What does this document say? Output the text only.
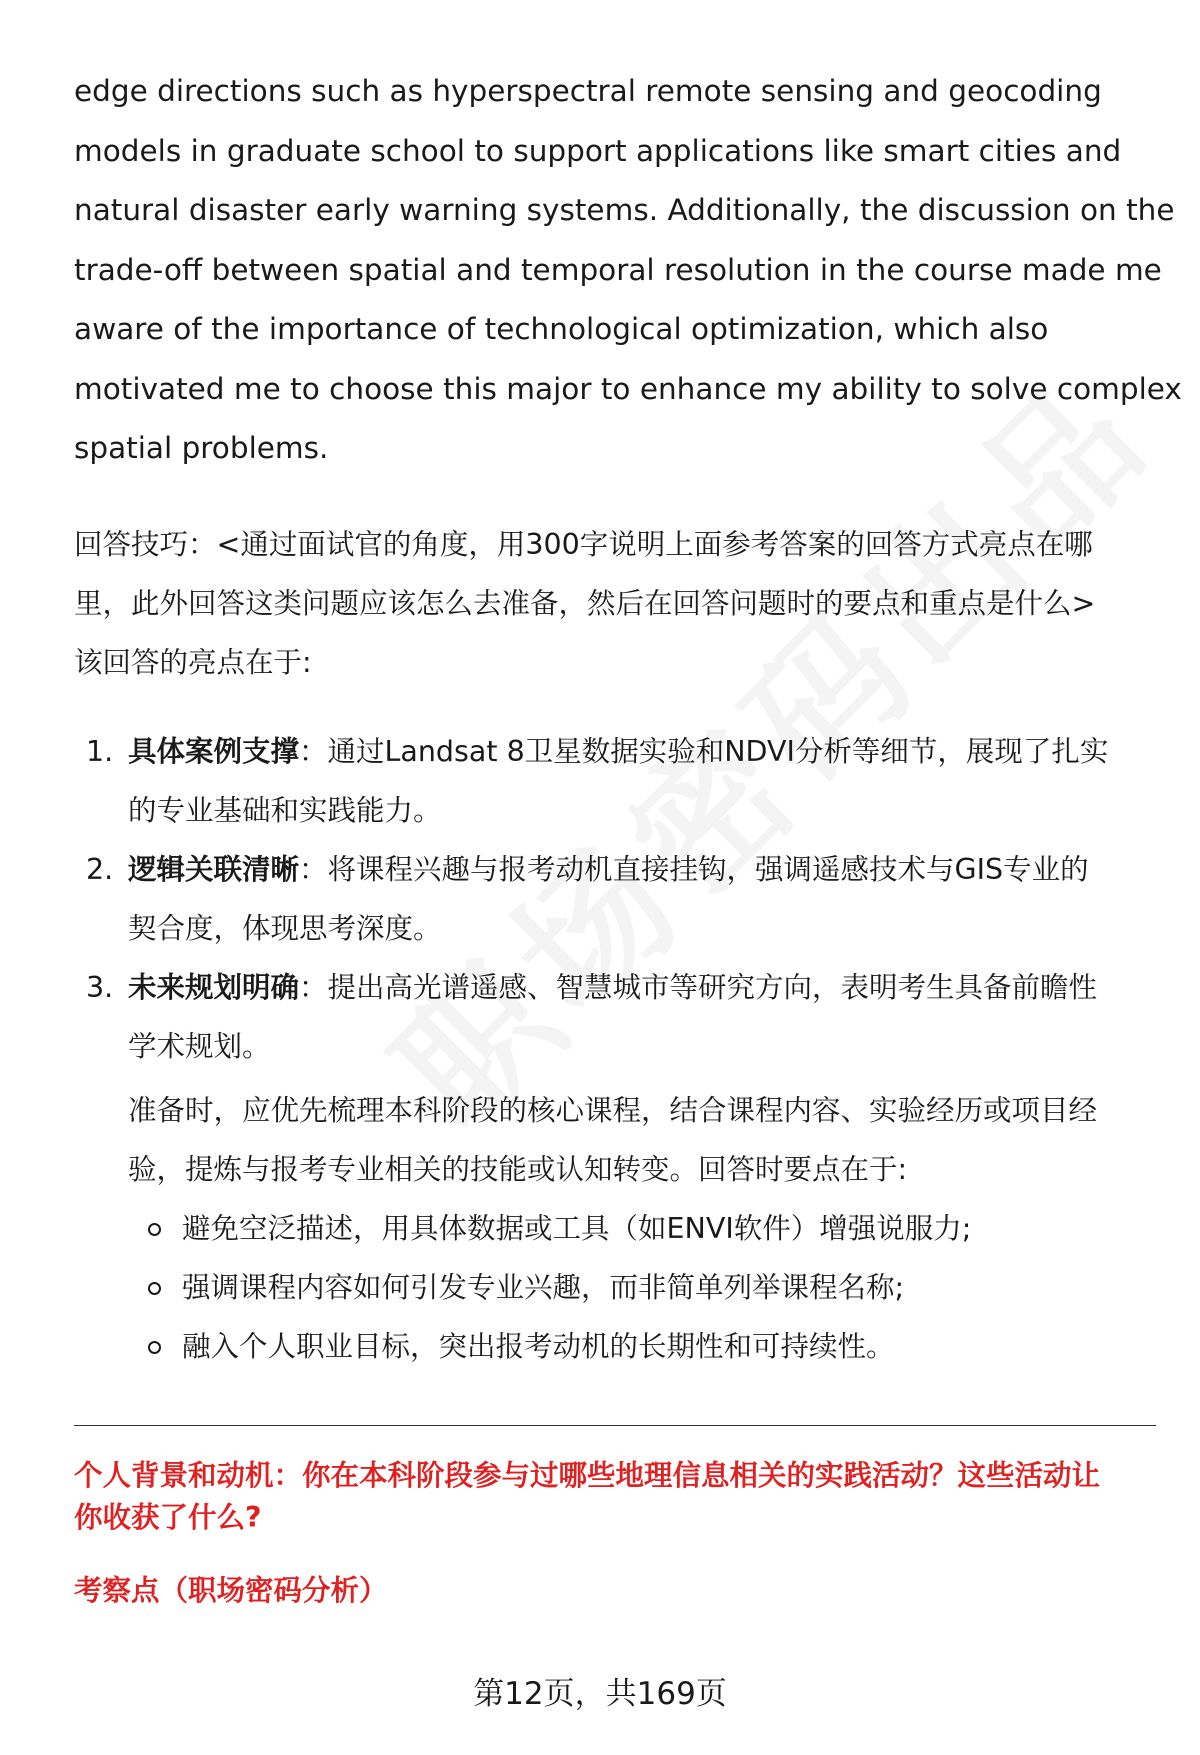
edge directions such as hyperspectral remote sensing and geocoding
models in graduate school to support applications like smart cities and
natural disaster early warning systems. Additionally, the discussion on the
trade-off between spatial and temporal resolution in the course made me
aware of the importance of technological optimization, which also
motivated me to choose this major to enhance my ability to solve complex
spatial problems.

回答技巧：<通过面试官的角度，用300字说明上面参考答案的回答方式亮点在哪
里，此外回答这类问题应该怎么去准备，然后在回答问题时的要点和重点是什么>
该回答的亮点在于:

1. 具体案例支撑：通过Landsat 8卫星数据实验和NDVI分析等细节，展现了扎实
的专业基础和实践能力。
2. 逻辑关联清晰：将课程兴趣与报考动机直接挂钩，强调遥感技术与GIS专业的
契合度，体现思考深度。
3. 未来规划明确：提出高光谱遥感、智慧城市等研究方向，表明考生具备前瞻性
学术规划。
准备时，应优先梳理本科阶段的核心课程，结合课程内容、实验经历或项目经
验，提炼与报考专业相关的技能或认知转变。回答时要点在于:
避免空泛描述，用具体数据或工具（如ENVI软件）增强说服力;
强调课程内容如何引发专业兴趣，而非简单列举课程名称;
融入个人职业目标，突出报考动机的长期性和可持续性。
个人背景和动机：你在本科阶段参与过哪些地理信息相关的实践活动？这些活动让
你收获了什么?
考察点（职场密码分析）
第12页，共169页
